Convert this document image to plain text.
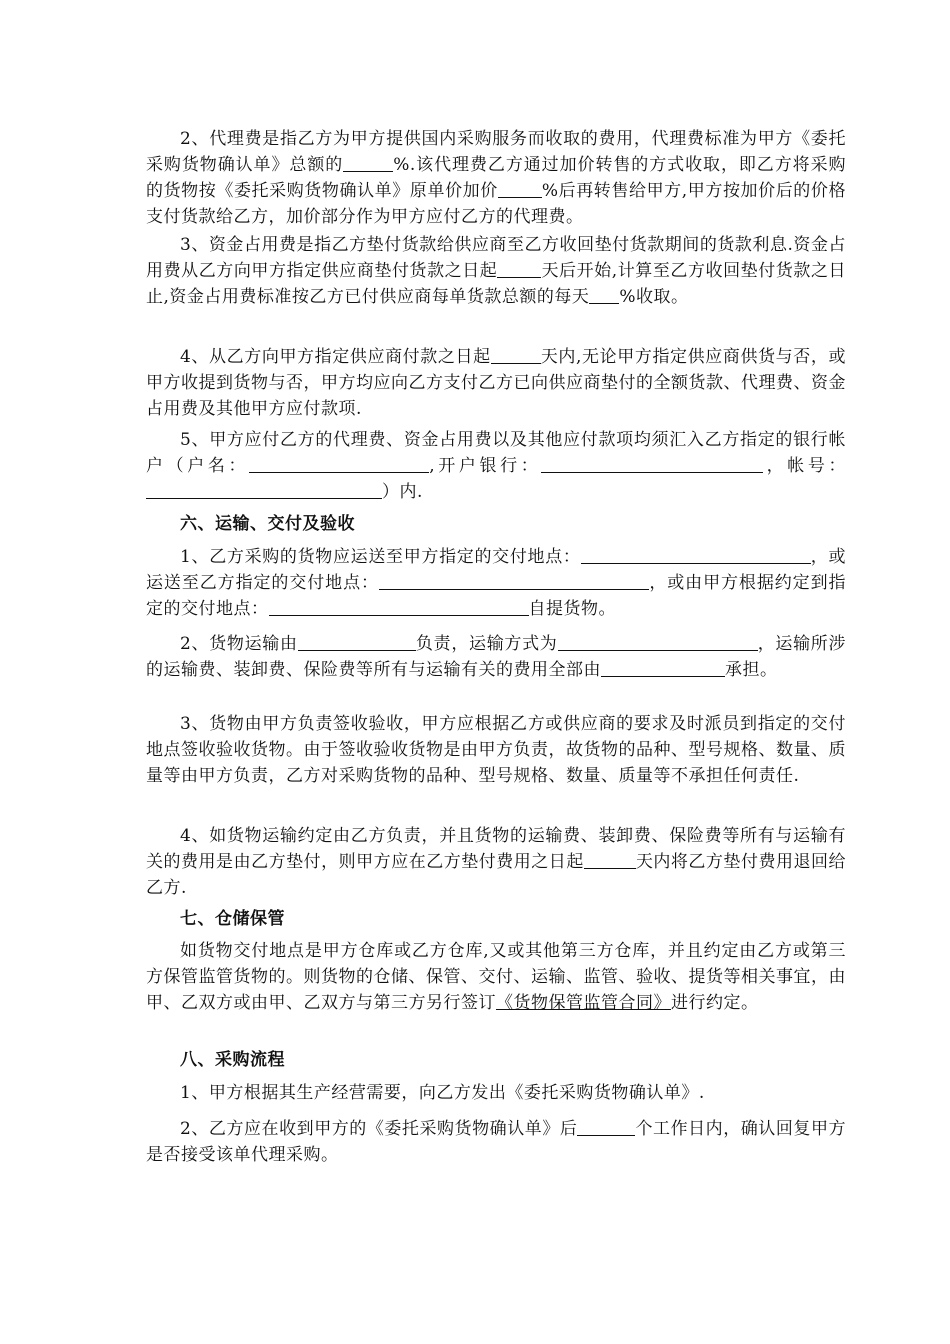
2、代理费是指乙方为甲方提供国内采购服务而收取的费用，代理费标准为甲方《委托采购货物确认单》总额的	%.该代理费乙方通过加价转售的方式收取，即乙方将采购的货物按《委托采购货物确认单》原单价加价	%后再转售给甲方,甲方按加价后的价格支付货款给乙方，加价部分作为甲方应付乙方的代理费。

3、资金占用费是指乙方垫付货款给供应商至乙方收回垫付货款期间的货款利息.资金占用费从乙方向甲方指定供应商垫付货款之日起	天后开始,计算至乙方收回垫付货款之日止,资金占用费标准按乙方已付供应商每单货款总额的每天 %收取。

4、从乙方向甲方指定供应商付款之日起	天内,无论甲方指定供应商供货与否，或甲方收提到货物与否，甲方均应向乙方支付乙方已向供应商垫付的全额货款、代理费、资金占用费及其他甲方应付款项.

5、甲方应付乙方的代理费、资金占用费以及其他应付款项均须汇入乙方指定的银行帐户（户名：	,开户银行：	，帐号：）内.

六、运输、交付及验收

1、乙方采购的货物应运送至甲方指定的交付地点：	，或运送至乙方指定的交付地点：	，或由甲方根据约定到指定的交付地点：	自提货物。

2、货物运输由	负责，运输方式为	，运输所涉的运输费、装卸费、保险费等所有与运输有关的费用全部由	承担。

3、货物由甲方负责签收验收，甲方应根据乙方或供应商的要求及时派员到指定的交付地点签收验收货物。由于签收验收货物是由甲方负责，故货物的品种、型号规格、数量、质量等由甲方负责，乙方对采购货物的品种、型号规格、数量、质量等不承担任何责任.

4、如货物运输约定由乙方负责，并且货物的运输费、装卸费、保险费等所有与运输有关的费用是由乙方垫付，则甲方应在乙方垫付费用之日起	天内将乙方垫付费用退回给乙方.

七、仓储保管

如货物交付地点是甲方仓库或乙方仓库,又或其他第三方仓库，并且约定由乙方或第三方保管监管货物的。则货物的仓储、保管、交付、运输、监管、验收、提货等相关事宜，由甲、乙双方或由甲、乙双方与第三方另行签订《货物保管监管合同》进行约定。

八、采购流程

1、甲方根据其生产经营需要，向乙方发出《委托采购货物确认单》.

2、乙方应在收到甲方的《委托采购货物确认单》后	个工作日内，确认回复甲方是否接受该单代理采购。
